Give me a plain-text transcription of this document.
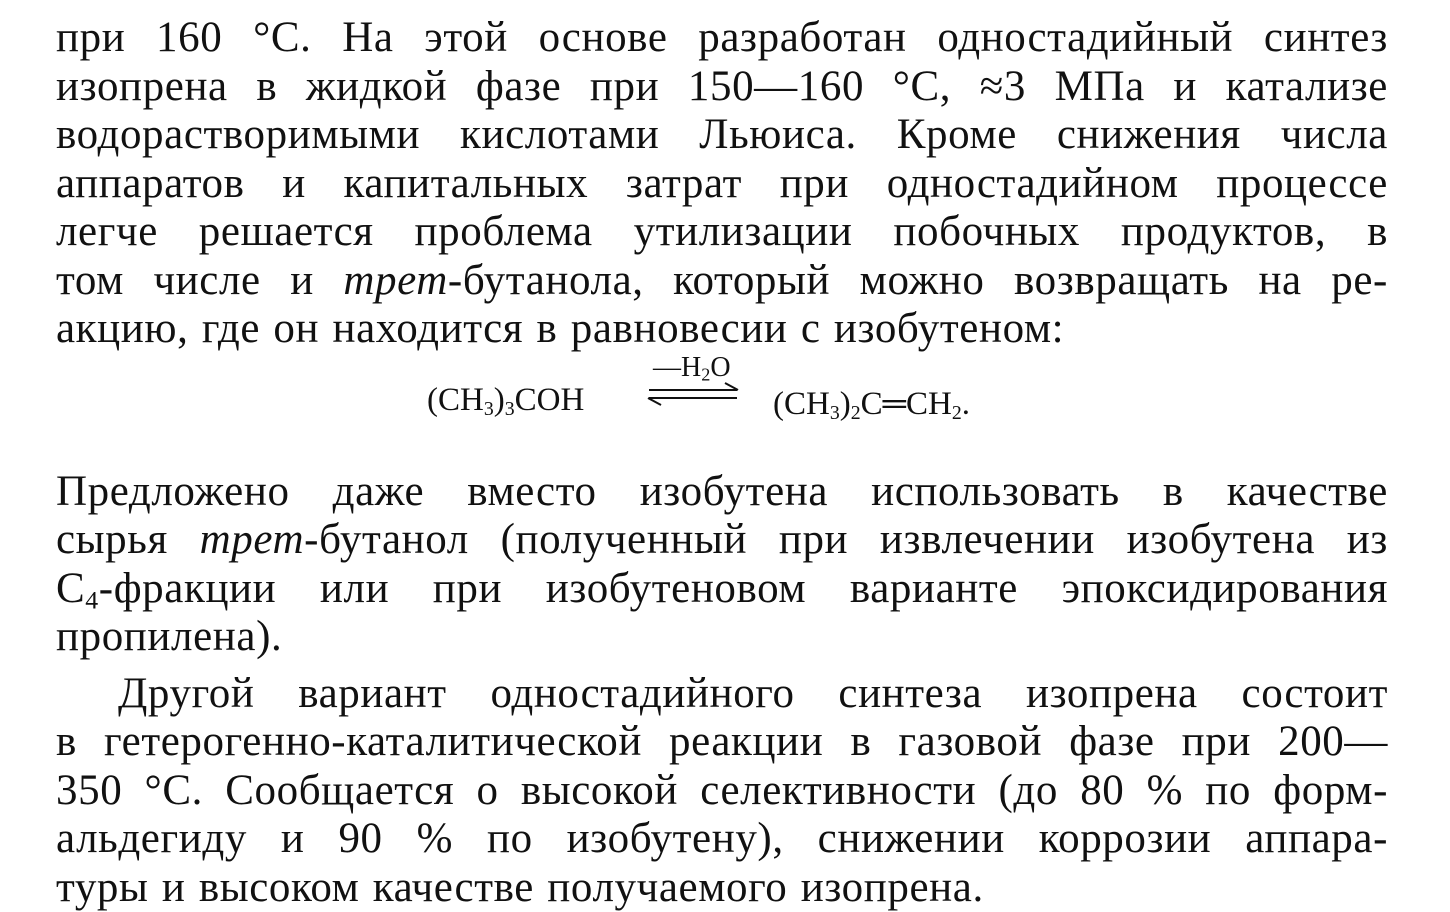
при 160 °C. На этой основе разработан одностадийный синтез
изопрена в жидкой фазе при 150—160 °C, ≈3 МПа и катализе
водорастворимыми кислотами Льюиса. Кроме снижения числа
аппаратов и капитальных затрат при одностадийном процессе
легче решается проблема утилизации побочных продуктов, в
том числе и трет-бутанола, который можно возвращать на ре-
акцию, где он находится в равновесии с изобутеном:
$(CH_3)_3COH$
$—H_2O$
⇌ $(CH_3)_2C═CH_2$.
Предложено даже вместо изобутена использовать в качестве
сырья трет-бутанол (полученный при извлечении изобутена из
$C_4$-фракции или при изобутеновом варианте эпоксидирования
пропилена).
Другой вариант одностадийного синтеза изопрена состоит
в гетерогенно-каталитической реакции в газовой фазе при 200—
350 °C. Сообщается о высокой селективности (до 80 % по форм-
альдегиду и 90 % по изобутену), снижении коррозии аппара-
туры и высоком качестве получаемого изопрена.
